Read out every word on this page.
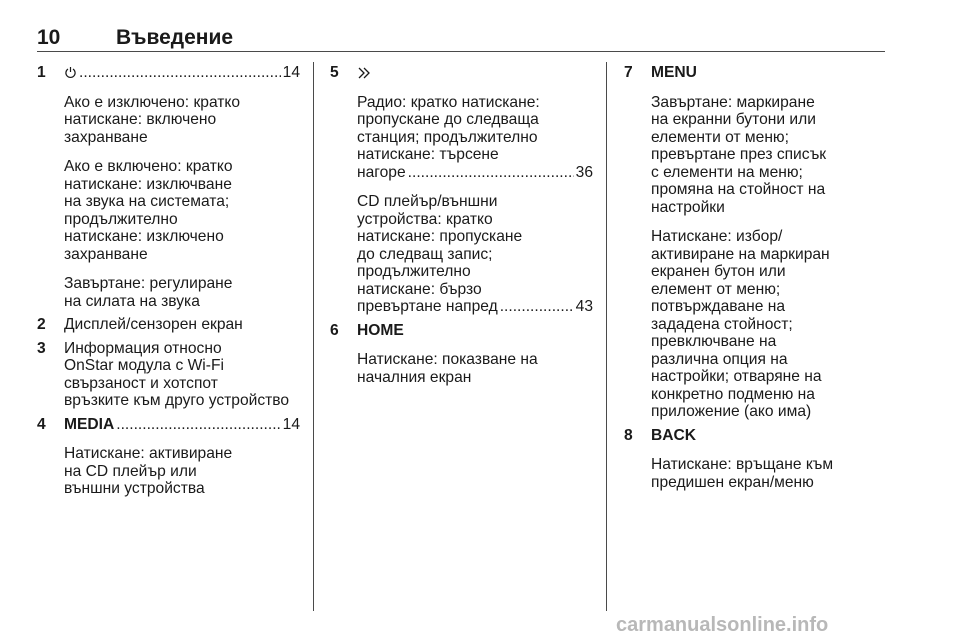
10	Въведение
1 .....	14

Ако е изключено: кратко
натискане: включено
захранване

Ако е включено: кратко
натискане: изключване
на звука на системата;
продължително
натискане: изключено
захранване

Завъртане: регулиране
на силата на звука

2 Дисплей/сензорен екран

3 Информация относно
OnStar модула с Wi-Fi
свързаност и хотспот
връзките към друго устройство

4 MEDIA .....	14

Натискане: активиране
на CD плейър или
външни устройства

5
Радио: кратко натискане:
пропускане до следваща
станция; продължително
натискане: търсене
нагоре .....	36
CD плейър/външни
устройства: кратко
натискане: пропускане
до следващ запис;
продължително
натискане: бързо
превъртане напред .....	43
6 HOME

Натискане: показване на
началния екран

7 MENU

Завъртане: маркиране
на екранни бутони или
елементи от меню;
превъртане през списък
с елементи на меню;
промяна на стойност на
настройки

Натискане: избор/
активиране на маркиран
екранен бутон или
елемент от меню;
потвърждаване на
зададена стойност;
превключване на
различна опция на
настройки; отваряне на
конкретно подменю на
приложение (ако има)

8 BACK

Натискане: връщане към
предишен екран/меню

carmanualsonline.info
